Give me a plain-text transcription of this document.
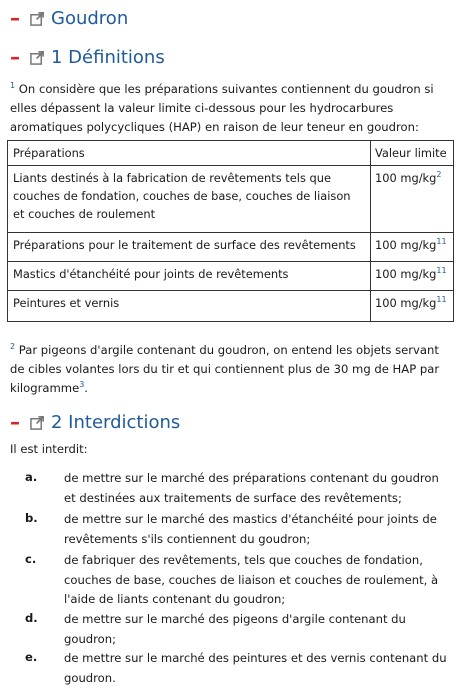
– Goudron
– 1 Définitions
$^1$ On considère que les préparations suivantes contiennent du goudron si elles dépassent la valeur limite ci-dessous pour les hydrocarbures aromatiques polycycliques (HAP) en raison de leur teneur en goudron:
Préparations	Valeur limite
Liants destinés à la fabrication de revêtements tels que couches de fondation, couches de base, couches de liaison et couches de roulement	100 $mg/kg^2$
Préparations pour le traitement de surface des revêtements	100 $mg/kg^{11}$
Mastics d'étanchéité pour joints de revêtements	100 $mg/kg^{11}$
Peintures et vernis	100 $mg/kg^{11}$
$^2$ Par pigeons d'argile contenant du goudron, on entend les objets servant de cibles volantes lors du tir et qui contiennent plus de 30 mg de HAP par kilogramme$^3$.
– 2 Interdictions
Il est interdit:
a.	de mettre sur le marché des préparations contenant du goudron et destinées aux traitements de surface des revêtements;
b.	de mettre sur le marché des mastics d'étanchéité pour joints de revêtements s'ils contiennent du goudron;
c.	de fabriquer des revêtements, tels que couches de fondation, couches de base, couches de liaison et couches de roulement, à l'aide de liants contenant du goudron;
d.	de mettre sur le marché des pigeons d'argile contenant du goudron;
e.	de mettre sur le marché des peintures et des vernis contenant du goudron.
